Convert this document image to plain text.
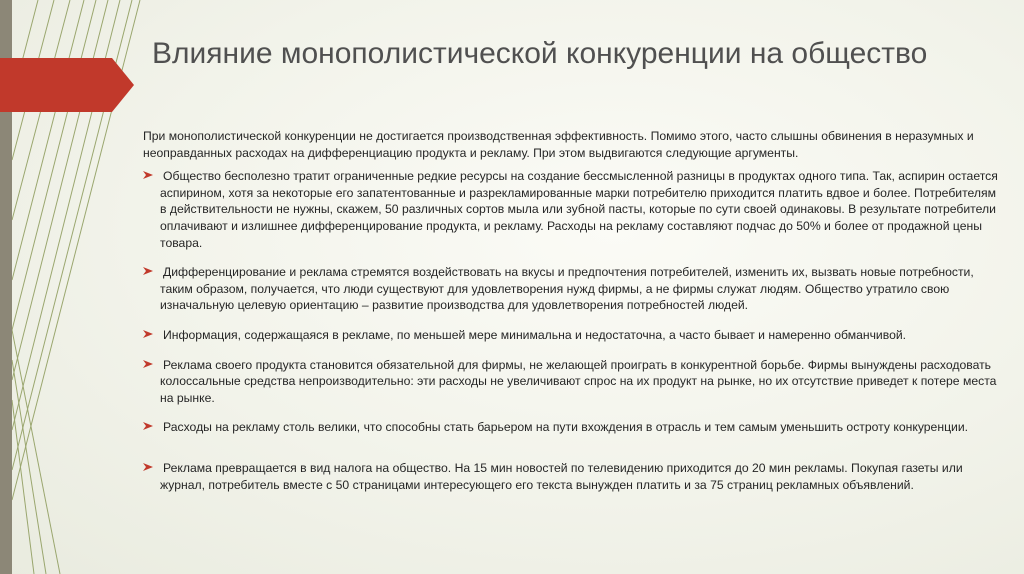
Влияние монополистической конкуренции на общество

При монополистической конкуренции не достигается производственная эффективность. Помимо этого, часто слышны обвинения в неразумных и неоправданных расходах на дифференциацию продукта и рекламу. При этом выдвигаются следующие аргументы.

Общество бесполезно тратит ограниченные редкие ресурсы на создание бессмысленной разницы в продуктах одного типа. Так, аспирин остается аспирином, хотя за некоторые его запатентованные и разрекламированные марки потребителю приходится платить вдвое и более. Потребителям в действительности не нужны, скажем, 50 различных сортов мыла или зубной пасты, которые по сути своей одинаковы. В результате потребители оплачивают и излишнее дифференцирование продукта, и рекламу. Расходы на рекламу составляют подчас до 50% и более от продажной цены товара.
Дифференцирование и реклама стремятся воздействовать на вкусы и предпочтения потребителей, изменить их, вызвать новые потребности, таким образом, получается, что люди существуют для удовлетворения нужд фирмы, а не фирмы служат людям. Общество утратило свою изначальную целевую ориентацию – развитие производства для удовлетворения потребностей людей.
Информация, содержащаяся в рекламе, по меньшей мере минимальна и недостаточна, а часто бывает и намеренно обманчивой.
Реклама своего продукта становится обязательной для фирмы, не желающей проиграть в конкурентной борьбе. Фирмы вынуждены расходовать колоссальные средства непроизводительно: эти расходы не увеличивают спрос на их продукт на рынке, но их отсутствие приведет к потере места на рынке.
Расходы на рекламу столь велики, что способны стать барьером на пути вхождения в отрасль и тем самым уменьшить остроту конкуренции.
Реклама превращается в вид налога на общество. На 15 мин новостей по телевидению приходится до 20 мин рекламы. Покупая газеты или журнал, потребитель вместе с 50 страницами интересующего его текста вынужден платить и за 75 страниц рекламных объявлений.
